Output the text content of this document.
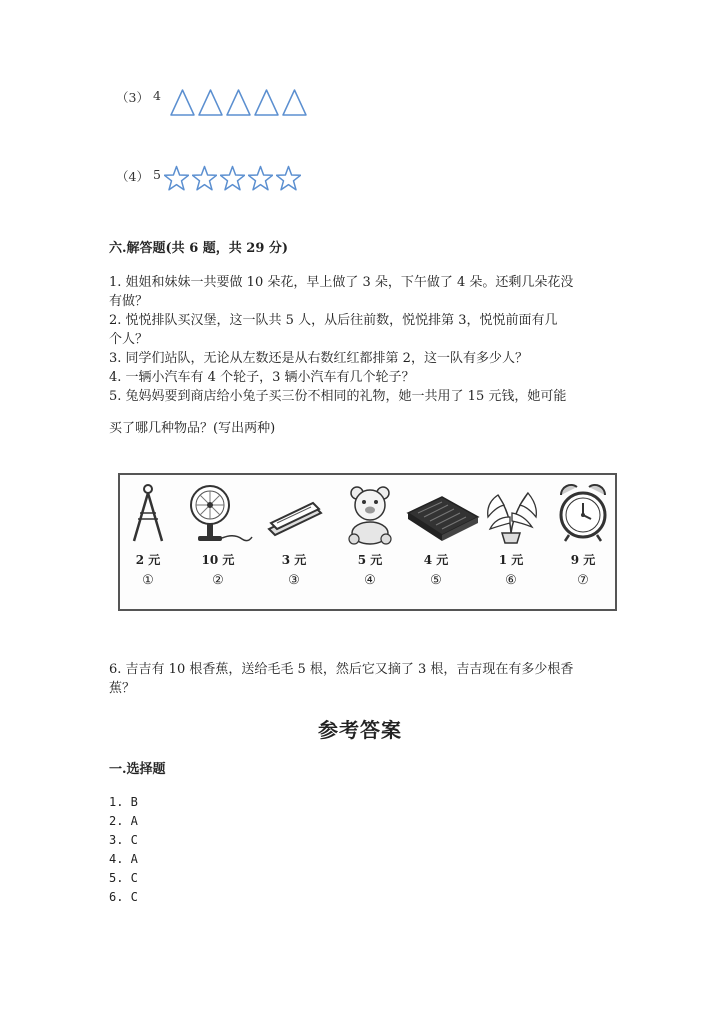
（3） 4
（4） 5
六.解答题(共 6 题，共 29 分)
1. 姐姐和妹妹一共要做 10 朵花，早上做了 3 朵，下午做了 4 朵。还剩几朵花没
有做？
2. 悦悦排队买汉堡，这一队共 5 人，从后往前数，悦悦排第 3，悦悦前面有几
个人？
3. 同学们站队，无论从左数还是从右数红红都排第 2，这一队有多少人？
4. 一辆小汽车有 4 个轮子，3 辆小汽车有几个轮子？
5. 兔妈妈要到商店给小兔子买三份不相同的礼物，她一共用了 15 元钱，她可能
买了哪几种物品？(写出两种)
2 元
①
10 元
②
3 元
③
5 元
④
4 元
⑤
1 元
⑥
9 元
⑦
6. 吉吉有 10 根香蕉，送给毛毛 5 根，然后它又摘了 3 根，吉吉现在有多少根香
蕉？
参考答案
一.选择题
1. B
2. A
3. C
4. A
5. C
6. C
